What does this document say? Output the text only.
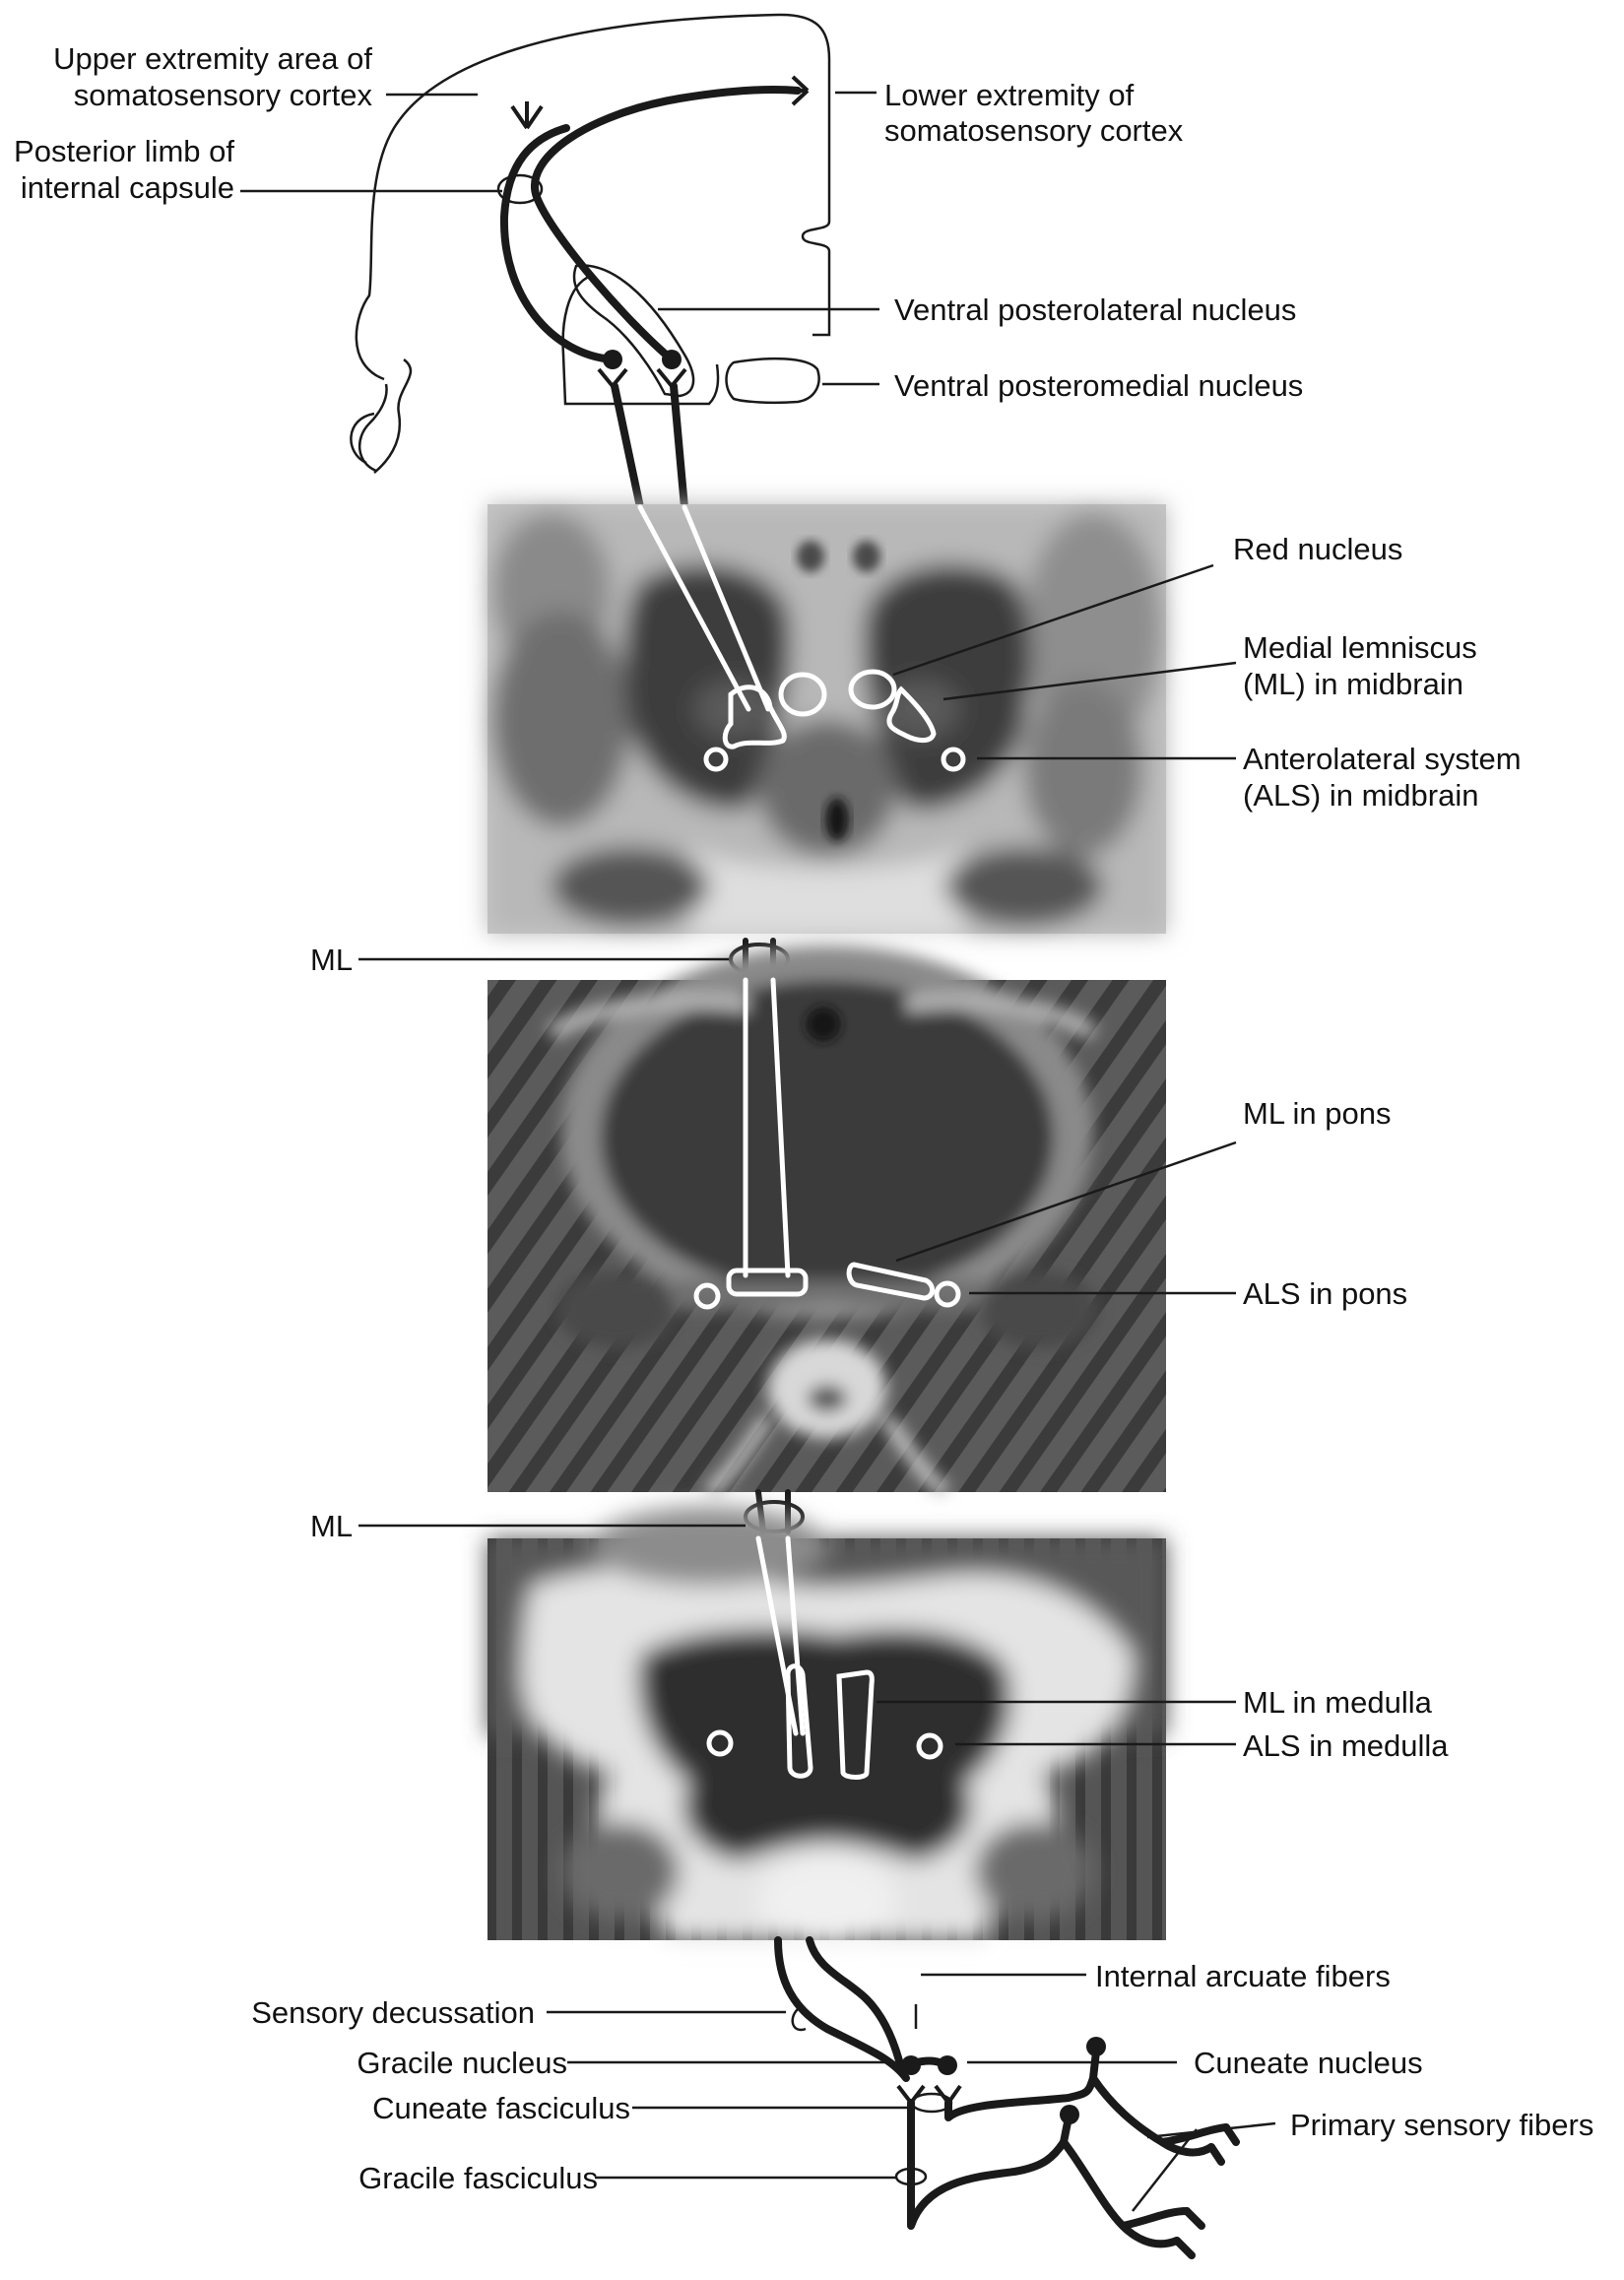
Upper extremity area of
somatosensory cortex	Lower extremity of
somatosensory cortex
Posterior limb of
internal capsule
Ventral posterolateral nucleus
Ventral posteromedial nucleus
Red nucleus
Medial lemniscus
(ML) in midbrain
Anterolateral system
(ALS) in midbrain
ML
ML in pons
ALS in pons
ML
ML in medulla
ALS in medulla
Internal arcuate fibers
Sensory decussation
Gracile nucleus	Cuneate nucleus
Cuneate fasciculus	Primary sensory fibers
Gracile fasciculus
